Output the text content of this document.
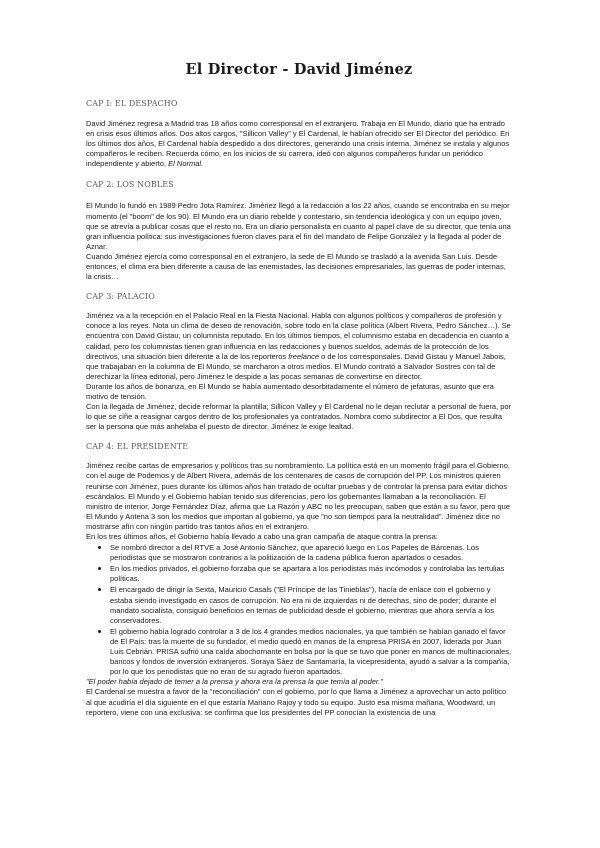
El Director - David Jiménez
CAP I: EL DESPACHO

David Jiménez regresa a Madrid tras 18 años como corresponsal en el extranjero. Trabaja en El Mundo, diario que ha entrado en crisis esos últimos años. Dos altos cargos, "Sillicon Valley" y El Cardenal, le habían ofrecido ser El Director del periódico. En los últimos dos años, El Cardenal había despedido a dos directores, generando una crisis interna. Jiménez se instala y algunos compañeros le reciben. Recuerda cómo, en los inicios de su carrera, ideó con algunos compañeros fundar un periódico independiente y abierto, El Normal.

CAP 2: LOS NOBLES

El Mundo lo fundó en 1989 Pedro Jota Ramírez. Jiménez llegó a la redacción a los 22 años, cuando se encontraba en su mejor momento (el "boom" de los 90). El Mundo era un diario rebelde y contestario, sin tendencia ideológica y con un equipo joven, que se atrevía a publicar cosas que el resto no. Era un diario personalista en cuanto al papel clave de su director, que tenía una gran influencia política: sus investigaciones fueron claves para el fin del mandato de Felipe González y la llegada al poder de Aznar.

Cuando Jiménez ejercía como corresponsal en el extranjero, la sede de El Mundo se trasladó a la avenida San Luis. Desde entonces, el clima era bien diferente a causa de las enemistades, las decisiones empresariales, las guerras de poder internas, la crisis…

CAP 3: PALACIO

Jiménez va a la recepción en el Palacio Real en la Fiesta Nacional. Habla con algunos políticos y compañeros de profesión y conoce a los reyes. Nota un clima de deseo de renovación, sobre todo en la clase política (Albert Rivera, Pedro Sánchez…). Se encuentra con David Gistau, un columnista reputado. En los últimos tiempos, el columnismo estaba en decadencia en cuanto a calidad, pero los columnistas tienen gran influencia en las redacciones y buenos sueldos, además de la protección de los directivos, una situación bien diferente a la de los reporteros freelance o de los corresponsales. David Gistau y Manuel Jabois, que trabajaban en la columna de El Mundo, se marcharon a otros medios. El Mundo contrató a Salvador Sostres con tal de derechizar la línea editorial, pero Jiménez le despide a las pocas semanas de convertirse en director.

Durante los años de bonanza, en El Mundo se había aumentado desorbitadamente el número de jefaturas, asunto que era motivo de tensión.

Con la llegada de Jiménez, decide reformar la plantilla; Sillicon Valley y El Cardenal no le dejan reclutar a personal de fuera, por lo que se ciñe a reasignar cargos dentro de los profesionales ya contratados. Nombra como subdirector a El Dos, que resulta ser la persona que más anhelaba el puesto de director. Jiménez le exige lealtad.

CAP 4: EL PRESIDENTE

Jiménez recibe cartas de empresarios y políticos tras su nombramiento. La política está en un momento frágil para el Gobierno, con el auge de Podemos y de Albert Rivera, además de los centenares de casos de corrupción del PP. Los ministros quieren reunirse con Jiménez, pues durante los últimos años han tratado de ocultar pruebas y de controlar la prensa para evitar dichos escándalos. El Mundo y el Gobierno habían tenido sus diferencias, pero los gobernantes llamaban a la reconciliación. El ministro de interior, Jorge Fernández Díaz, afirma que La Razón y ABC no les preocupan, saben que están a su favor, pero que El Mundo y Antena 3 son los medios que importan al gobierno, ya que "no son tiempos para la neutralidad". Jiménez dice no mostrarse afín con ningún partido tras tantos años en el extranjero.

En los tres últimos años, el Gobierno había llevado a cabo una gran campaña de ataque contra la prensa:

• Se nombró director a del RTVE a José Antonio Sánchez, que apareció luego en Los Papeles de Bárcenas. Los periodistas que se mostraron contrarios a la politización de la cadena pública fueron apartados o cesados.
• En los medios privados, el gobierno forzaba que se apartara a los periodistas más incómodos y controlaba las tertulias políticas.
• El encargado de dirigir la Sexta, Mauricio Casals ("El Príncipe de las Tinieblas"), hacía de enlace con el gobierno y estaba siendo investigado en casos de corrupción. No era ni de izquierdas ni de derechas, sino de poder; durante el mandato socialista, consiguió beneficios en temas de publicidad desde el gobierno, mientras que ahora servía a los conservadores.
• El gobierno había logrado controlar a 3 de los 4 grandes medios nacionales, ya que también se habían ganado el favor de El País: tras la muerte de su fundador, el medio quedó en manos de la empresa PRISA en 2007, liderada por Juan Luis Cebrián. PRISA sufrió una caída abochornante en bolsa por la que se tuvo que poner en manos de multinacionales, bancos y fondos de inversión extranjeros. Soraya Sáez de Santamaría, la vicepresidenta, ayudó a salvar a la compañía, por lo que los periodistas que no eran de su agrado fueron apartados.

"El poder había dejado de temer a la prensa y ahora era la prensa la que temía al poder."

El Cardenal se muestra a favor de la "reconciliación" con el gobierno, por lo que llama a Jiménez a aprovechar un acto político al que acudiría el día siguiente en el que estaría Mariano Rajoy y todo su equipo. Justo esa misma mañana, Woodward, un reportero, viene con una exclusiva: se confirma que los presidentes del PP conocían la existencia de una
